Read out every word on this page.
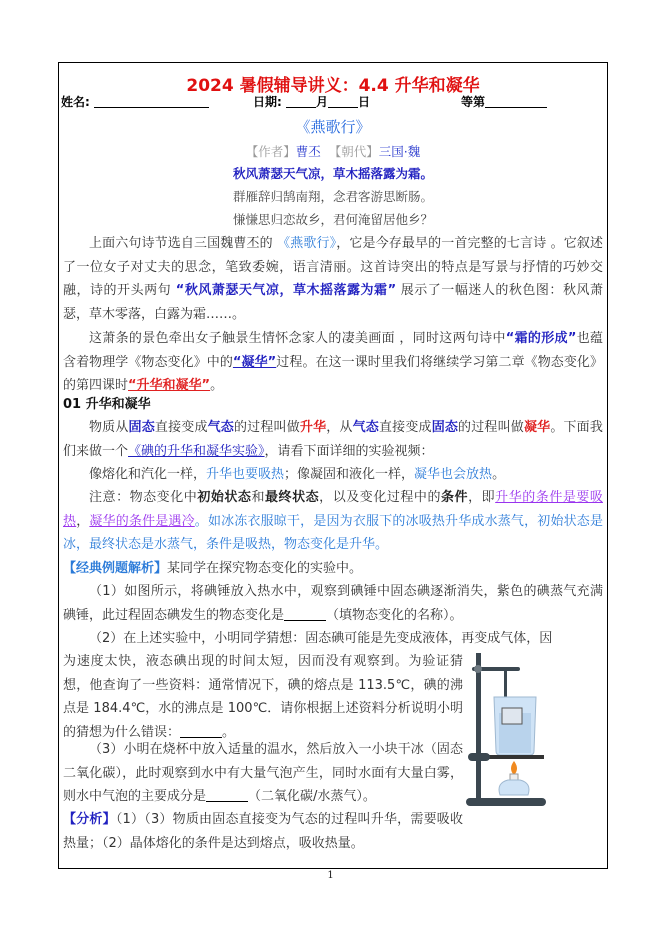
2024 暑假辅导讲义：4.4 升华和凝华
姓名:	日期:	月	日	等第
《燕歌行》
【作者】曹丕 【朝代】三国·魏
秋风萧瑟天气凉，草木摇落露为霜。
群雁辞归鹄南翔，念君客游思断肠。
慊慊思归恋故乡，君何淹留居他乡？
上面六句诗节选自三国魏曹丕的 《燕歌行》，它是今存最早的一首完整的七言诗 。它叙述了一位女子对丈夫的思念，笔致委婉，语言清丽。这首诗突出的特点是写景与抒情的巧妙交融，诗的开头两句 “秋风萧瑟天气凉，草木摇落露为霜” 展示了一幅迷人的秋色图：秋风萧瑟，草木零落，白露为霜……。
这萧条的景色牵出女子触景生情怀念家人的凄美画面 ，同时这两句诗中“霜的形成”也蕴含着物理学《物态变化》中的“凝华”过程。在这一课时里我们将继续学习第二章《物态变化》的第四课时“升华和凝华”。
01 升华和凝华
物质从固态直接变成气态的过程叫做升华，从气态直接变成固态的过程叫做凝华。下面我们来做一个《碘的升华和凝华实验》，请看下面详细的实验视频：
像熔化和汽化一样，升华也要吸热；像凝固和液化一样，凝华也会放热。
注意：物态变化中初始状态和最终状态，以及变化过程中的条件，即升华的条件是要吸热，凝华的条件是遇冷。如冰冻衣服晾干，是因为衣服下的冰吸热升华成水蒸气，初始状态是冰，最终状态是水蒸气，条件是吸热，物态变化是升华。
【经典例题解析】某同学在探究物态变化的实验中。
（1）如图所示，将碘锤放入热水中，观察到碘锤中固态碘逐渐消失，紫色的碘蒸气充满碘锤，此过程固态碘发生的物态变化是	（填物态变化的名称）。
（2）在上述实验中，小明同学猜想：固态碘可能是先变成液体，再变成气体，因
为速度太快，液态碘出现的时间太短，因而没有观察到。为验证猜想，他查询了一些资料：通常情况下，碘的熔点是 113.5℃，碘的沸点是 184.4℃，水的沸点是 100℃．请你根据上述资料分析说明小明的猜想为什么错误：	。
（3）小明在烧杯中放入适量的温水，然后放入一小块干冰（固态二氧化碳），此时观察到水中有大量气泡产生，同时水面有大量白雾，则水中气泡的主要成分是	（二氧化碳/水蒸气）。
【分析】（1）（3）物质由固态直接变为气态的过程叫升华，需要吸收热量；（2）晶体熔化的条件是达到熔点，吸收热量。
1
